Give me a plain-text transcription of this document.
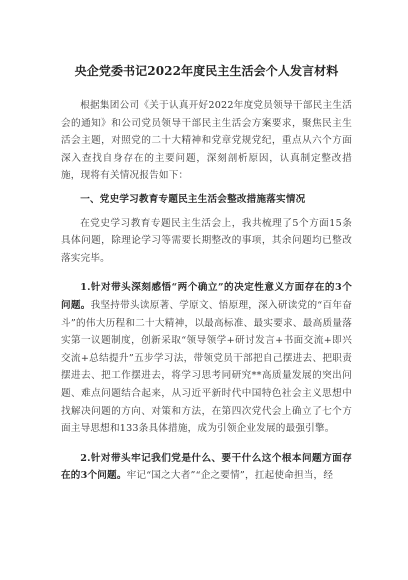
央企党委书记2022年度民主生活会个人发言材料

根据集团公司《关于认真开好2022年度党员领导干部民主生活会的通知》和公司党员领导干部民主生活会方案要求，聚焦民主生活会主题，对照党的二十大精神和党章党规党纪，重点从六个方面深入查找自身存在的主要问题，深刻剖析原因，认真制定整改措施，现将有关情况报告如下：

一、党史学习教育专题民主生活会整改措施落实情况

在党史学习教育专题民主生活会上，我共梳理了5个方面15条具体问题，除理论学习等需要长期整改的事项，其余问题均已整改落实完毕。

1.针对带头深刻感悟“两个确立”的决定性意义方面存在的3个问题。我坚持带头读原著、学原文、悟原理，深入研读党的“百年奋斗”的伟大历程和二十大精神，以最高标准、最实要求、最高质量落实第一议题制度，创新采取“领导领学+研讨发言+书面交流+即兴交流+总结提升”五步学习法，带领党员干部把自己摆进去、把职责摆进去、把工作摆进去，将学习思考同研究**高质量发展的突出问题、难点问题结合起来，从习近平新时代中国特色社会主义思想中找解决问题的方向、对策和方法，在第四次党代会上确立了七个方面主导思想和133条具体措施，成为引领企业发展的最强引擎。

2.针对带头牢记我们党是什么、要干什么这个根本问题方面存在的3个问题。牢记“国之大者”“企之要情”，扛起使命担当，经
